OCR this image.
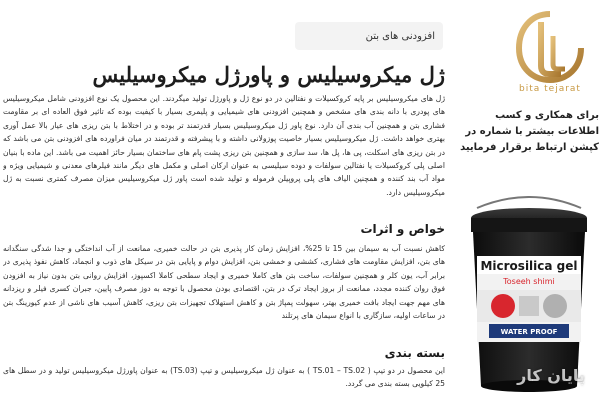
افزودنی های بتن
ژل میکروسیلیس و پاورژل میکروسیلیس

ژل های میکروسیلیس بر پایه کروکسیلات و نفتالین در دو نوع ژل و پاورژل تولید میگردند. این محصول یک نوع افزودنی شامل میکروسیلیس های پودری با دانه بندی های مشخص و همچنین افزودنی های شیمیایی و پلیمری بسیار با کیفیت بوده که تاثیر فوق العاده ای بر مقاومت فشاری بتن و همچنین آب بندی آن دارد. نوع پاور ژل میکروسیلیس بسیار قدرتمند تر بوده و در اختلاط با بتن ریزی های عیار بالا عمل آوری بهتری خواهد داشت. ژل میکروسیلیس بسیار خاصیت پوزولانی داشته و با پیشرفته و قدرتمند در میان فراورده های افزودنی بتن می باشد که در بتن ریزی های اسکلت، پی ها، پل ها، سد سازی و همچنین بتن ریزی پشت پام های ساختمان بسیار حائز اهمیت می باشد. این ماده با بنیان اصلی پلی کروکسیلات یا نفتالین سولفات و دوده سیلیسی به عنوان ارکان اصلی و مکمل های دیگر مانند فیلرهای معدنی و شیمیایی ویژه و مواد آب بند کننده و همچنین الیاف های پلی پروپیلن فرموله و تولید شده است پاور ژل میکروسیلیس میزان مصرف کمتری نسبت به ژل میکروسیلیس دارد.

خواص و اثرات

کاهش نسبت آب به سیمان بین 15 تا 25%، افزایش زمان کار پذیری بتن در حالت خمیری، ممانعت از آب انداختگی و جدا شدگی سنگدانه های بتن، افزایش مقاومت های فشاری، کششی و خمشی بتن، افزایش دوام و پایایی بتن در سیکل های ذوب و انجماد، کاهش نفوذ پذیری در برابر آب، یون کلر و همچنین سولفات، ساخت بتن های کاملا خمیری و ایجاد سطحی کاملا اکسپوز، افزایش روانی بتن بدون نیاز به افزودن فوق روان کننده مجدد، ممانعت از بروز ایجاد ترک در بتن، اقتصادی بودن محصول با توجه به دوز مصرف پایین، جبران کسری فیلر و ریزدانه های مهم جهت ایجاد بافت خمیری بهتر، سهولت پمپاژ بتن و کاهش استهلاک تجهیزات بتن ریزی، کاهش آسیب های ناشی از عدم کیورینگ بتن در ساعات اولیه، سازگاری با انواع سیمان های پرتلند

بسته بندی

این محصول در دو تیپ ( TS.01 – TS.02 ) به عنوان ژل میکروسیلیس و تیپ (TS.03) به عنوان پاورژل میکروسیلیس تولید و در سطل های 25 کیلویی بسته بندی می گردد.

bita tejarat
برای همکاری و کسب
اطلاعات بیشتر با شماره در
کپشن ارتباط برقرار فرمایید
Microsilica gel
Toseeh shimi
WATER PROOF
پایان کار
